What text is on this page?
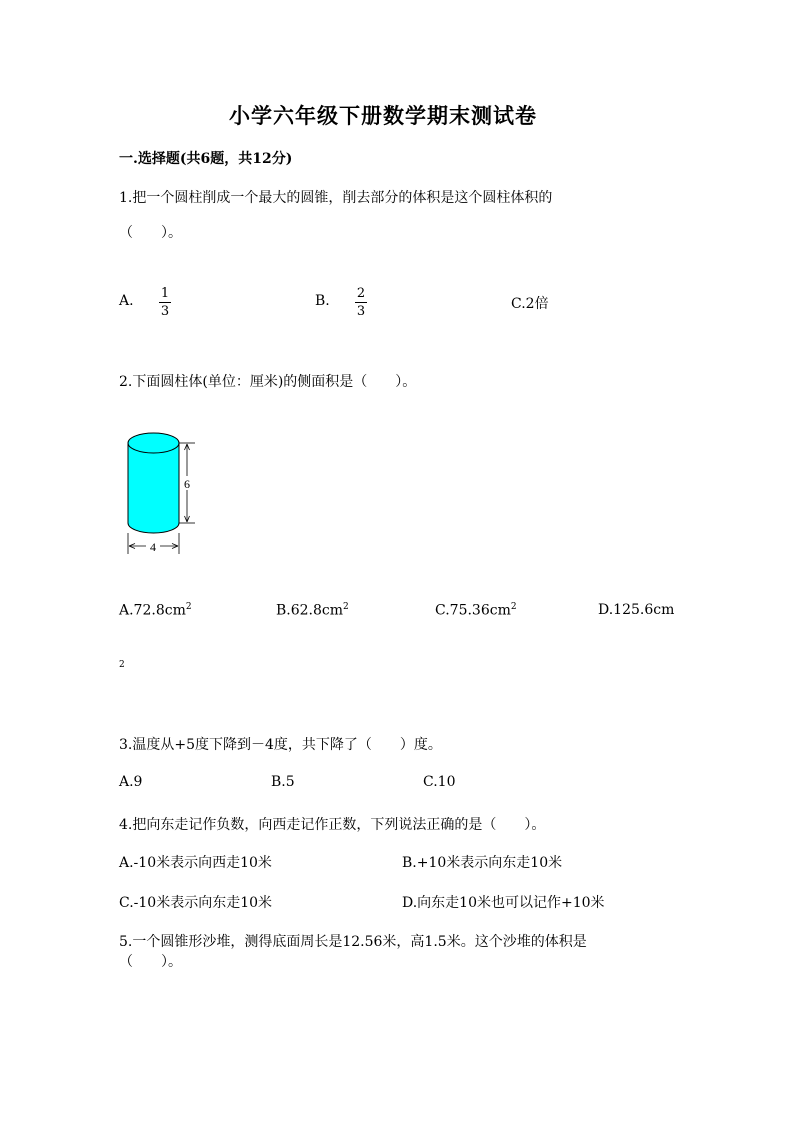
小学六年级下册数学期末测试卷
一.选择题(共6题，共12分)
1.把一个圆柱削成一个最大的圆锥，削去部分的体积是这个圆柱体积的
（　　）。
A. 1
3
B. 2
3	C.2倍
2.下面圆柱体(单位：厘米)的侧面积是（　　）。
6
4
$A.72.8cm^2$	$B.62.8cm^2$	$C.75.36cm^2$	D.125.6cm
2
3.温度从+5度下降到－4度，共下降了（　　）度。
A.9	B.5	C.10
4.把向东走记作负数，向西走记作正数，下列说法正确的是（　　）。
A.-10米表示向西走10米	B.+10米表示向东走10米
C.-10米表示向东走10米	D.向东走10米也可以记作+10米
5.一个圆锥形沙堆，测得底面周长是12.56米，高1.5米。这个沙堆的体积是
（　　）。
